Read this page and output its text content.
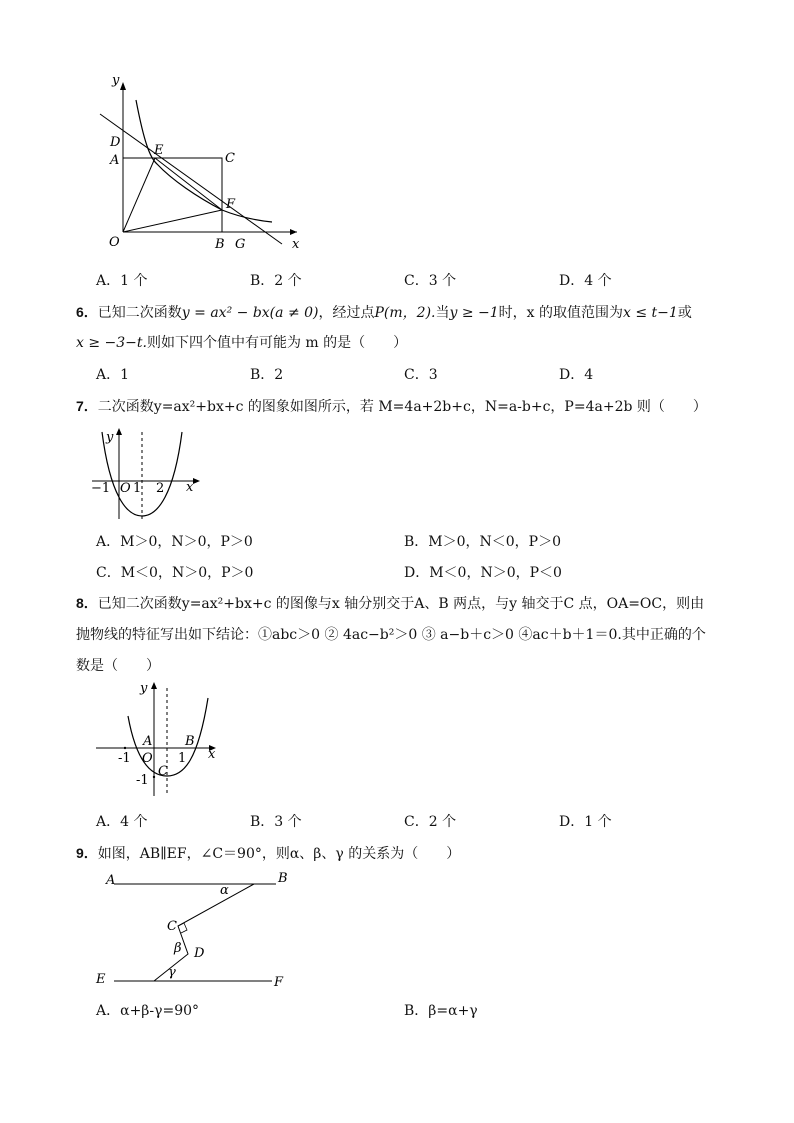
y
x
D
A
E
C
F
O	B G
A．1 个	B．2 个	C．3 个	D．4 个
6．已知二次函数y = ax² − bx(a ≠ 0)，经过点P(m，2).当y ≥ −1时，x 的取值范围为x ≤ t−1或
x ≥ −3−t.则如下四个值中有可能为 m 的是（　　）
A．1	B．2	C．3	D．4
7．二次函数y=ax²+bx+c 的图象如图所示，若 M=4a+2b+c，N=a-b+c，P=4a+2b 则（　　）
y
x
−1 O 1 2
A．M＞0，N＞0，P＞0	B．M＞0，N＜0，P＞0
C．M＜0，N＞0，P＞0	D．M＜0，N＞0，P＜0
8．已知二次函数y=ax²+bx+c 的图像与x 轴分别交于A、B 两点，与y 轴交于C 点，OA=OC，则由
抛物线的特征写出如下结论：①abc＞0 ② 4ac−b²＞0 ③ a−b＋c＞0 ④ac＋b＋1＝0.其中正确的个
数是（　　）
y
x
A	B
O
C
-1	1
-1
A．4 个	B．3 个	C．2 个	D．1 个
9．如图，AB∥EF，∠C＝90°，则α、β、γ 的关系为（　　）
A	B
C
D
E	F
α
β
γ
A．α+β-γ=90°	B．β=α+γ
